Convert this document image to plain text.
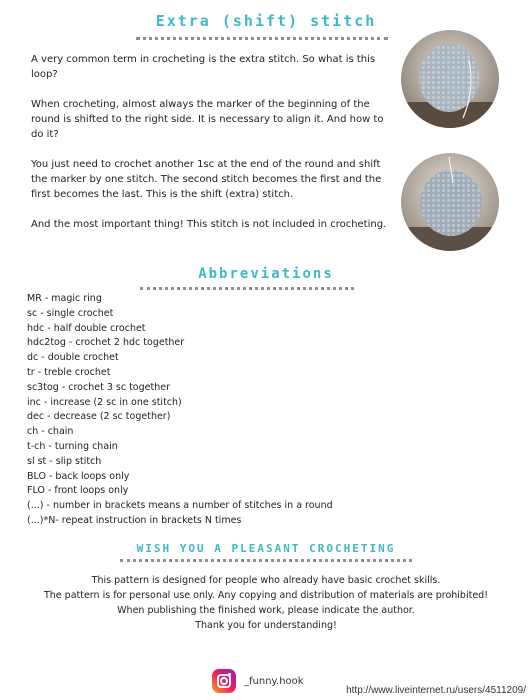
Extra (shift) stitch

A very common term in crocheting is the extra stitch. So what is this loop?

When crocheting, almost always the marker of the beginning of the round is shifted to the right side. It is necessary to align it. And how to do it?

You just need to crochet another 1sc at the end of the round and shift the marker by one stitch. The second stitch becomes the first and the first becomes the last. This is the shift (extra) stitch.

And the most important thing! This stitch is not included in crocheting.

Abbreviations
MR - magic ring
sc - single crochet
hdc - half double crochet
hdc2tog - crochet 2 hdc together
dc - double crochet
tr - treble crochet
sc3tog - crochet 3 sc together
inc - increase (2 sc in one stitch)
dec - decrease (2 sc together)
ch - chain
t-ch - turning chain
sl st - slip stitch
BLO - back loops only
FLO - front loops only
(...) - number in brackets means a number of stitches in a round
(...)*N- repeat instruction in brackets N times
WISH YOU A PLEASANT CROCHETING

This pattern is designed for people who already have basic crochet skills.

The pattern is for personal use only. Any copying and distribution of materials are prohibited!

When publishing the finished work, please indicate the author.

Thank you for understanding!

_funny.hook
http://www.liveinternet.ru/users/4511209/
